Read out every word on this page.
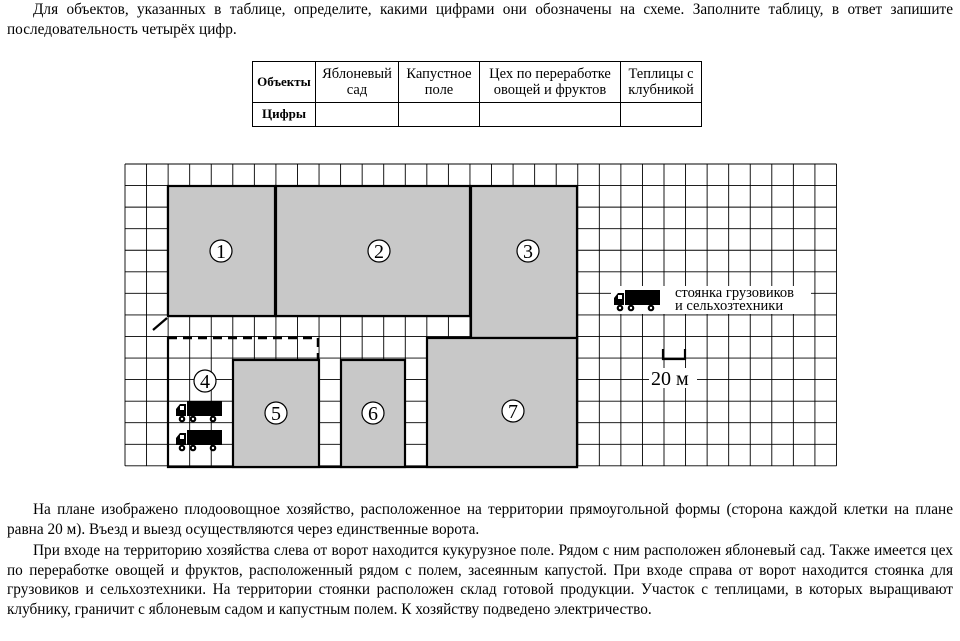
Для объектов, указанных в таблице, определите, какими цифрами они обозначены на схеме. Заполните таблицу, в ответ запишите последовательность четырёх цифр.

Объекты	Яблоневый сад	Капустное поле	Цех по переработке овощей и фруктов	Теплицы с клубникой
Цифры				
1	2	3
4
5	6	7
стоянка грузовиков
и сельхозтехники
20 м

На плане изображено плодоовощное хозяйство, расположенное на территории прямоугольной формы (сторона каждой клетки на плане равна 20 м). Въезд и выезд осуществляются через единственные ворота.

При входе на территорию хозяйства слева от ворот находится кукурузное поле. Рядом с ним расположен яблоневый сад. Также имеется цех по переработке овощей и фруктов, расположенный рядом с полем, засеянным капустой. При входе справа от ворот находится стоянка для грузовиков и сельхозтехники. На территории стоянки расположен склад готовой продукции. Участок с теплицами, в которых выращивают клубнику, граничит с яблоневым садом и капустным полем. К хозяйству подведено электричество.
